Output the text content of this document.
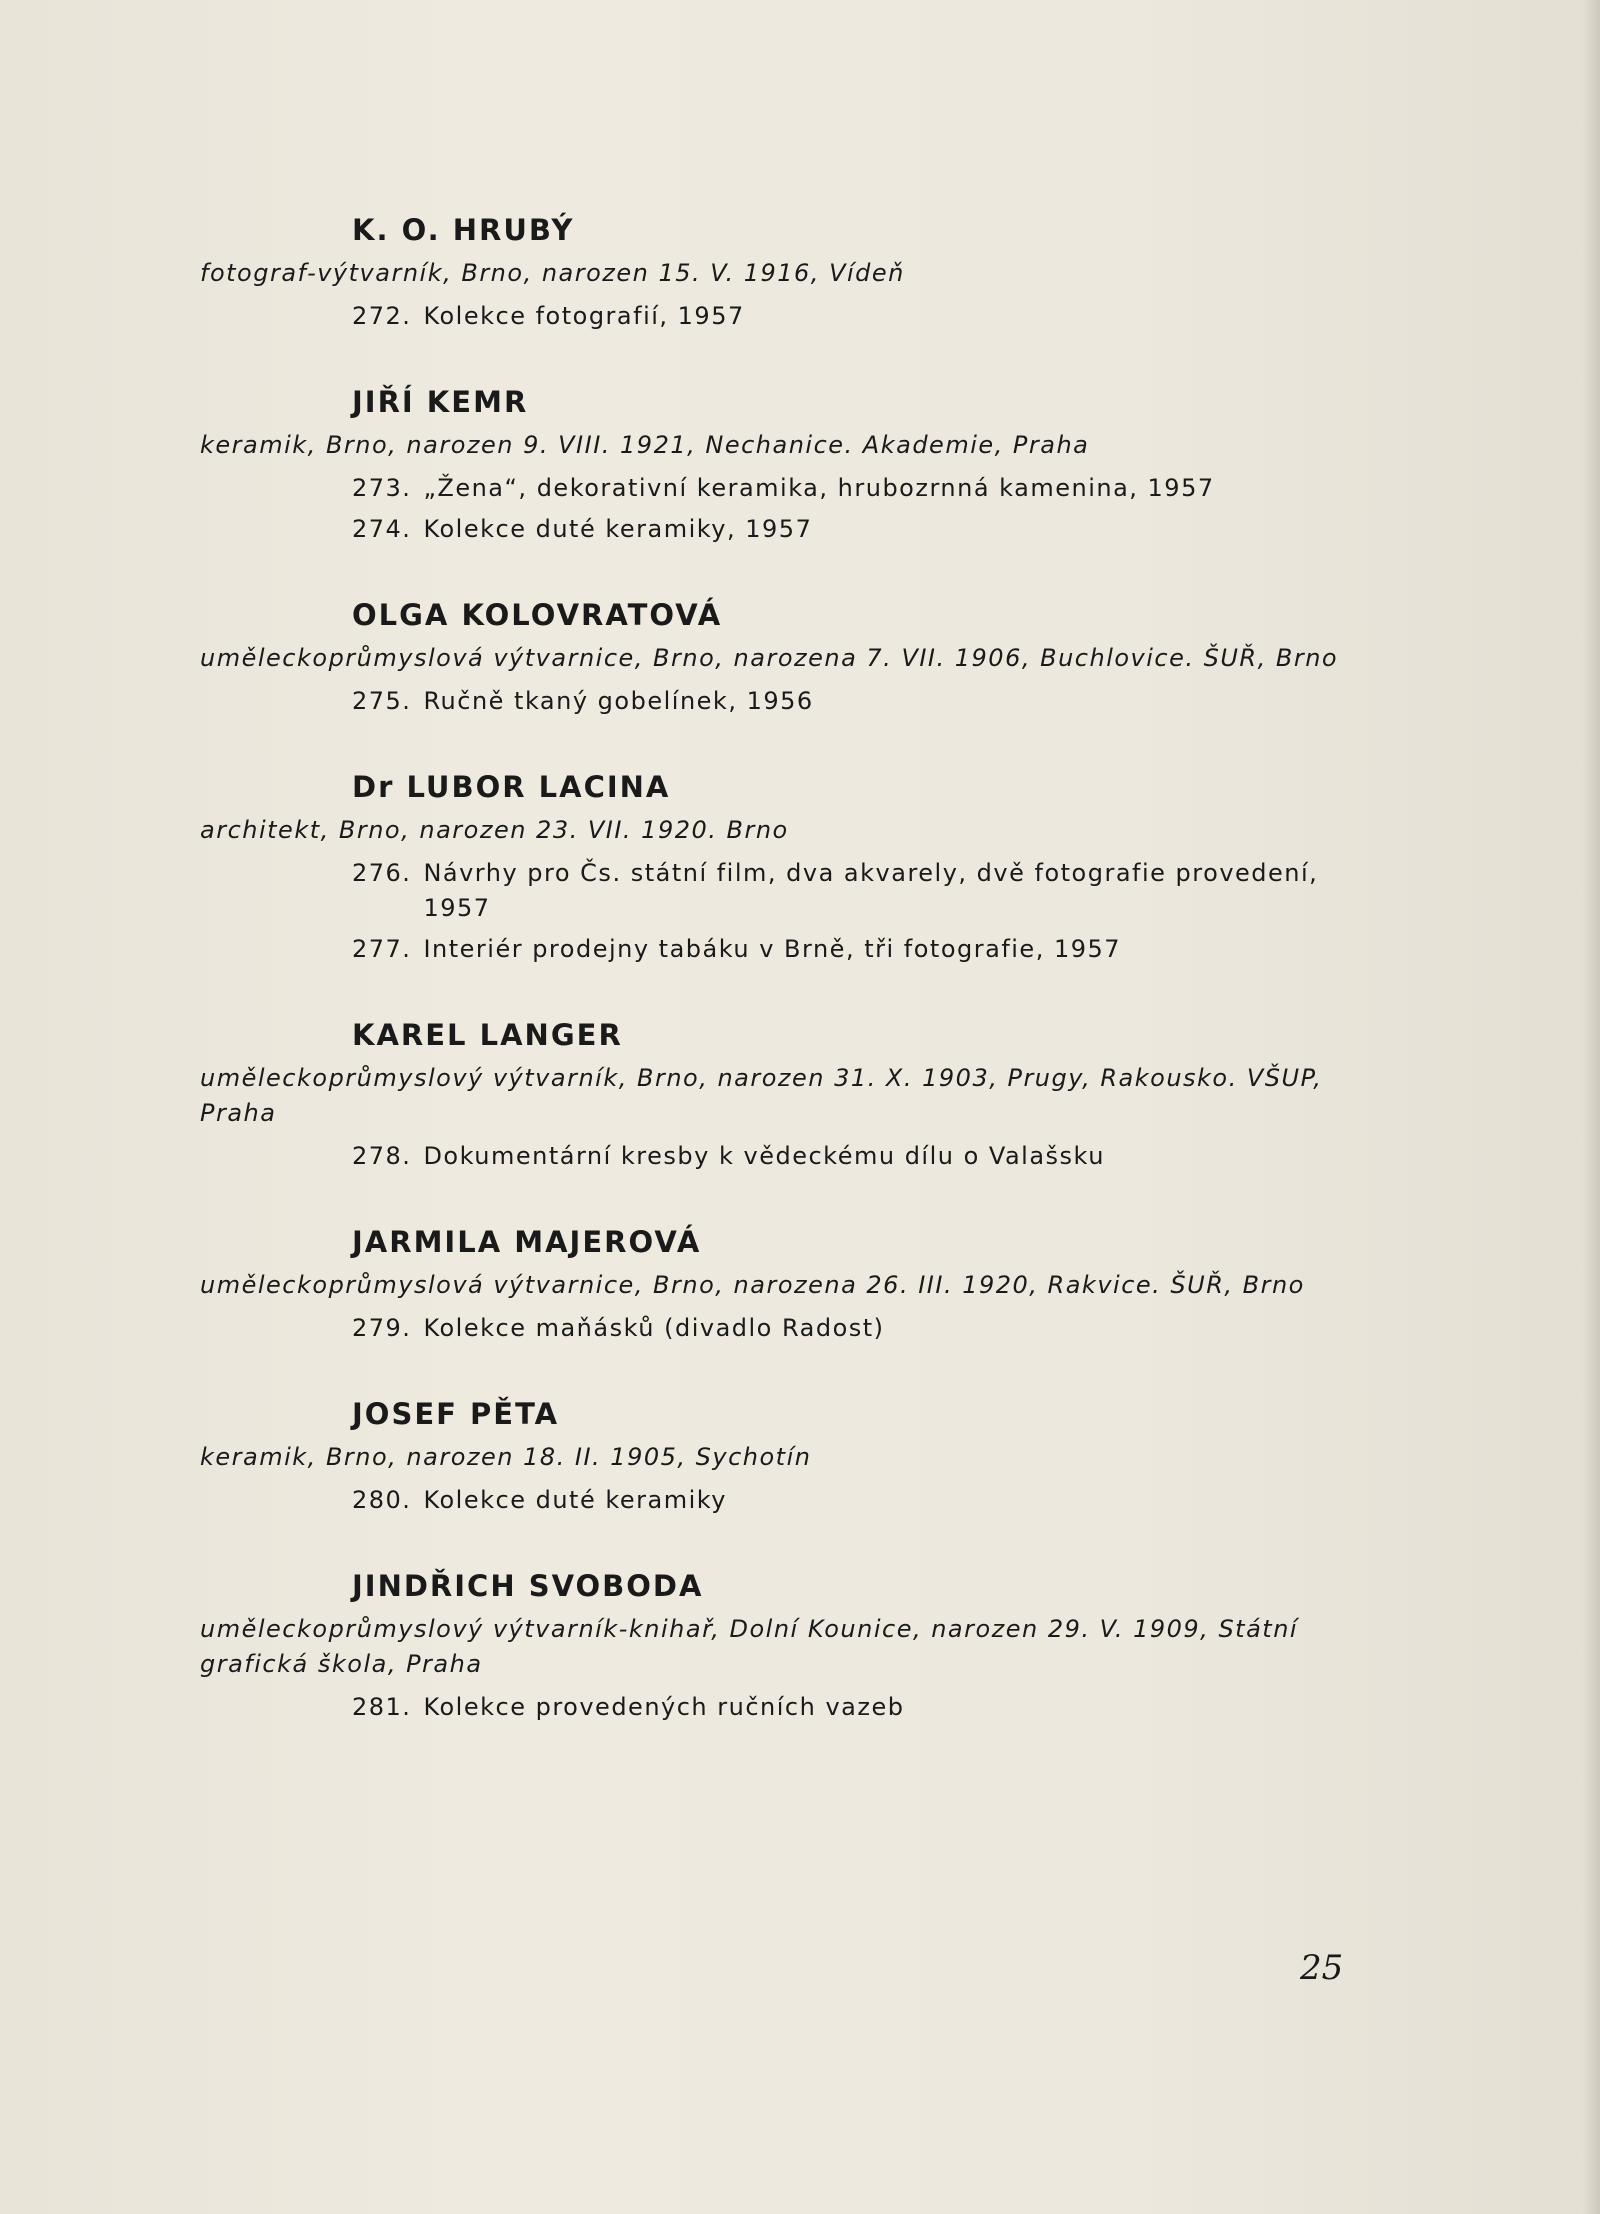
K. O. HRUBÝ
fotograf-výtvarník, Brno, narozen 15. V. 1916, Vídeň
272. Kolekce fotografií, 1957
JIŘÍ KEMR
keramik, Brno, narozen 9. VIII. 1921, Nechanice. Akademie, Praha
273. „Žena“, dekorativní keramika, hrubozrnná kamenina, 1957
274. Kolekce duté keramiky, 1957
OLGA KOLOVRATOVÁ
uměleckoprůmyslová výtvarnice, Brno, narozena 7. VII. 1906, Buchlovice. ŠUŘ, Brno
275. Ručně tkaný gobelínek, 1956
Dr LUBOR LACINA
architekt, Brno, narozen 23. VII. 1920. Brno
276. Návrhy pro Čs. státní film, dva akvarely, dvě fotografie provedení, 1957
277. Interiér prodejny tabáku v Brně, tři fotografie, 1957
KAREL LANGER
uměleckoprůmyslový výtvarník, Brno, narozen 31. X. 1903, Prugy, Rakousko. VŠUP, Praha
278. Dokumentární kresby k vědeckému dílu o Valašsku
JARMILA MAJEROVÁ
uměleckoprůmyslová výtvarnice, Brno, narozena 26. III. 1920, Rakvice. ŠUŘ, Brno
279. Kolekce maňásků (divadlo Radost)
JOSEF PĚTA
keramik, Brno, narozen 18. II. 1905, Sychotín
280. Kolekce duté keramiky
JINDŘICH SVOBODA
uměleckoprůmyslový výtvarník-knihař, Dolní Kounice, narozen 29. V. 1909, Státní grafická škola, Praha
281. Kolekce provedených ručních vazeb
25
